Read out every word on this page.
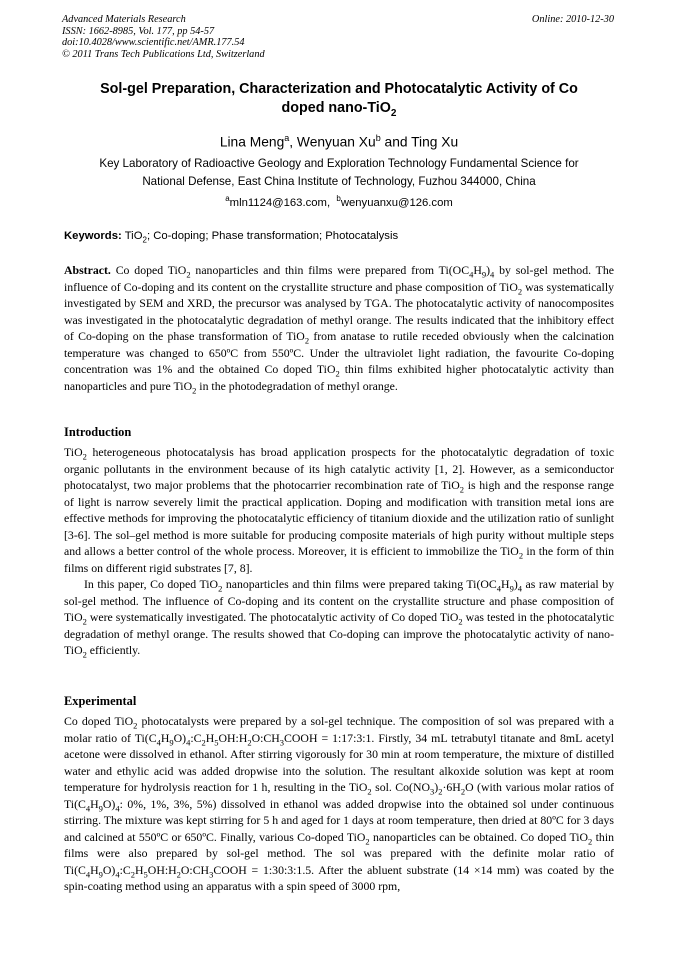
Advanced Materials Research
ISSN: 1662-8985, Vol. 177, pp 54-57
doi:10.4028/www.scientific.net/AMR.177.54
© 2011 Trans Tech Publications Ltd, Switzerland
Online: 2010-12-30
Sol-gel Preparation, Characterization and Photocatalytic Activity of Co
doped nano-TiO$_2$
Lina Meng$^a$, Wenyuan Xu$^b$ and Ting Xu
Key Laboratory of Radioactive Geology and Exploration Technology Fundamental Science for
National Defense, East China Institute of Technology, Fuzhou 344000, China
$^a$mln1124@163.com, $^b$wenyuanxu@126.com
Keywords: TiO$_2$; Co-doping; Phase transformation; Photocatalysis

Abstract. Co doped TiO$_2$ nanoparticles and thin films were prepared from $Ti(OC_4H_9)_4$ by sol-gel method. The influence of Co-doping and its content on the crystallite structure and phase composition of TiO$_2$ was systematically investigated by SEM and XRD, the precursor was analysed by TGA. The photocatalytic activity of nanocomposites was investigated in the photocatalytic degradation of methyl orange. The results indicated that the inhibitory effect of Co-doping on the phase transformation of TiO$_2$ from anatase to rutile receded obviously when the calcination temperature was changed to 650ºC from 550ºC. Under the ultraviolet light radiation, the favourite Co-doping concentration was 1% and the obtained Co doped TiO$_2$ thin films exhibited higher photocatalytic activity than nanoparticles and pure TiO$_2$ in the photodegradation of methyl orange.

Introduction

TiO$_2$ heterogeneous photocatalysis has broad application prospects for the photocatalytic degradation of toxic organic pollutants in the environment because of its high catalytic activity [1, 2]. However, as a semiconductor photocatalyst, two major problems that the photocarrier recombination rate of TiO$_2$ is high and the response range of light is narrow severely limit the practical application. Doping and modification with transition metal ions are effective methods for improving the photocatalytic efficiency of titanium dioxide and the utilization ratio of sunlight [3-6]. The sol–gel method is more suitable for producing composite materials of high purity without multiple steps and allows a better control of the whole process. Moreover, it is efficient to immobilize the TiO$_2$ in the form of thin films on different rigid substrates [7, 8].

In this paper, Co doped TiO$_2$ nanoparticles and thin films were prepared taking $Ti(OC_4H_9)_4$ as raw material by sol-gel method. The influence of Co-doping and its content on the crystallite structure and phase composition of TiO$_2$ were systematically investigated. The photocatalytic activity of Co doped TiO$_2$ was tested in the photocatalytic degradation of methyl orange. The results showed that Co-doping can improve the photocatalytic activity of nano-TiO$_2$ efficiently.

Experimental

Co doped TiO$_2$ photocatalysts were prepared by a sol-gel technique. The composition of sol was prepared with a molar ratio of $Ti(C_4H_9O)_4:C_2H_5OH:H_2O:CH_3COOH$ = 1:17:3:1. Firstly, 34 mL tetrabutyl titanate and 8mL acetyl acetone were dissolved in ethanol. After stirring vigorously for 30 min at room temperature, the mixture of distilled water and ethylic acid was added dropwise into the solution. The resultant alkoxide solution was kept at room temperature for hydrolysis reaction for 1 h, resulting in the TiO$_2$ sol. $Co(NO_3)_2\cdot 6H_2O$ (with various molar ratios of $Ti(C_4H_9O)_4$: 0%, 1%, 3%, 5%) dissolved in ethanol was added dropwise into the obtained sol under continuous stirring. The mixture was kept stirring for 5 h and aged for 1 days at room temperature, then dried at 80ºC for 3 days and calcined at 550ºC or 650ºC. Finally, various Co-doped TiO$_2$ nanoparticles can be obtained. Co doped TiO$_2$ thin films were also prepared by sol-gel method. The sol was prepared with the definite molar ratio of $Ti(C_4H_9O)_4:C_2H_5OH:H_2O:CH_3COOH$ = 1:30:3:1.5. After the abluent substrate (14 ×14 mm) was coated by the spin-coating method using an apparatus with a spin speed of 3000 rpm,
